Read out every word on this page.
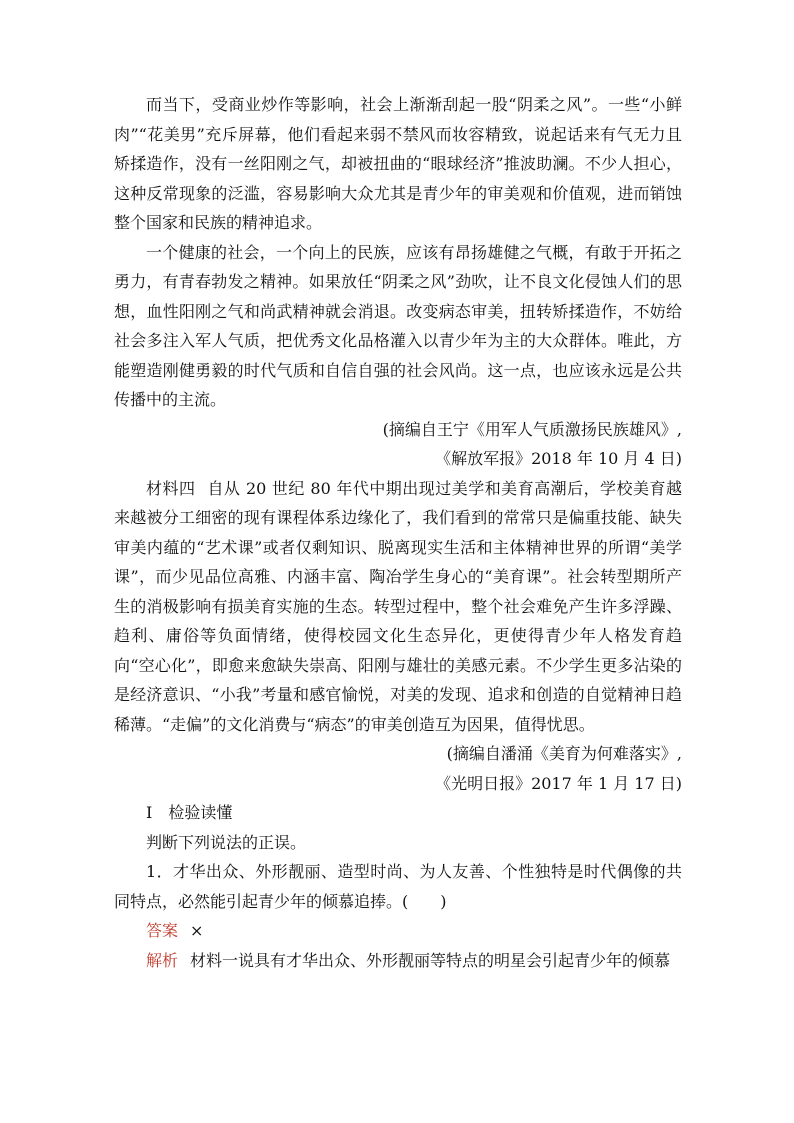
而当下，受商业炒作等影响，社会上渐渐刮起一股“阴柔之风”。一些“小鲜肉”“花美男”充斥屏幕，他们看起来弱不禁风而妆容精致，说起话来有气无力且矫揉造作，没有一丝阳刚之气，却被扭曲的“眼球经济”推波助澜。不少人担心，这种反常现象的泛滥，容易影响大众尤其是青少年的审美观和价值观，进而销蚀整个国家和民族的精神追求。

一个健康的社会，一个向上的民族，应该有昂扬雄健之气概，有敢于开拓之勇力，有青春勃发之精神。如果放任“阴柔之风”劲吹，让不良文化侵蚀人们的思想，血性阳刚之气和尚武精神就会消退。改变病态审美，扭转矫揉造作，不妨给社会多注入军人气质，把优秀文化品格灌入以青少年为主的大众群体。唯此，方能塑造刚健勇毅的时代气质和自信自强的社会风尚。这一点，也应该永远是公共传播中的主流。

(摘编自王宁《用军人气质激扬民族雄风》,

《解放军报》2018 年 10 月 4 日)

材料四 自从 20 世纪 80 年代中期出现过美学和美育高潮后，学校美育越来越被分工细密的现有课程体系边缘化了，我们看到的常常只是偏重技能、缺失审美内蕴的“艺术课”或者仅剩知识、脱离现实生活和主体精神世界的所谓“美学课”，而少见品位高雅、内涵丰富、陶冶学生身心的“美育课”。社会转型期所产生的消极影响有损美育实施的生态。转型过程中，整个社会难免产生许多浮躁、趋利、庸俗等负面情绪，使得校园文化生态异化，更使得青少年人格发育趋向“空心化”，即愈来愈缺失崇高、阳刚与雄壮的美感元素。不少学生更多沾染的是经济意识、“小我”考量和感官愉悦，对美的发现、追求和创造的自觉精神日趋稀薄。“走偏”的文化消费与“病态”的审美创造互为因果，值得忧思。

(摘编自潘涌《美育为何难落实》,

《光明日报》2017 年 1 月 17 日)

Ⅰ　检验读懂

判断下列说法的正误。

1．才华出众、外形靓丽、造型时尚、为人友善、个性独特是时代偶像的共同特点，必然能引起青少年的倾慕追捧。(　　)

答案 ×

解析 材料一说具有才华出众、外形靓丽等特点的明星会引起青少年的倾慕
